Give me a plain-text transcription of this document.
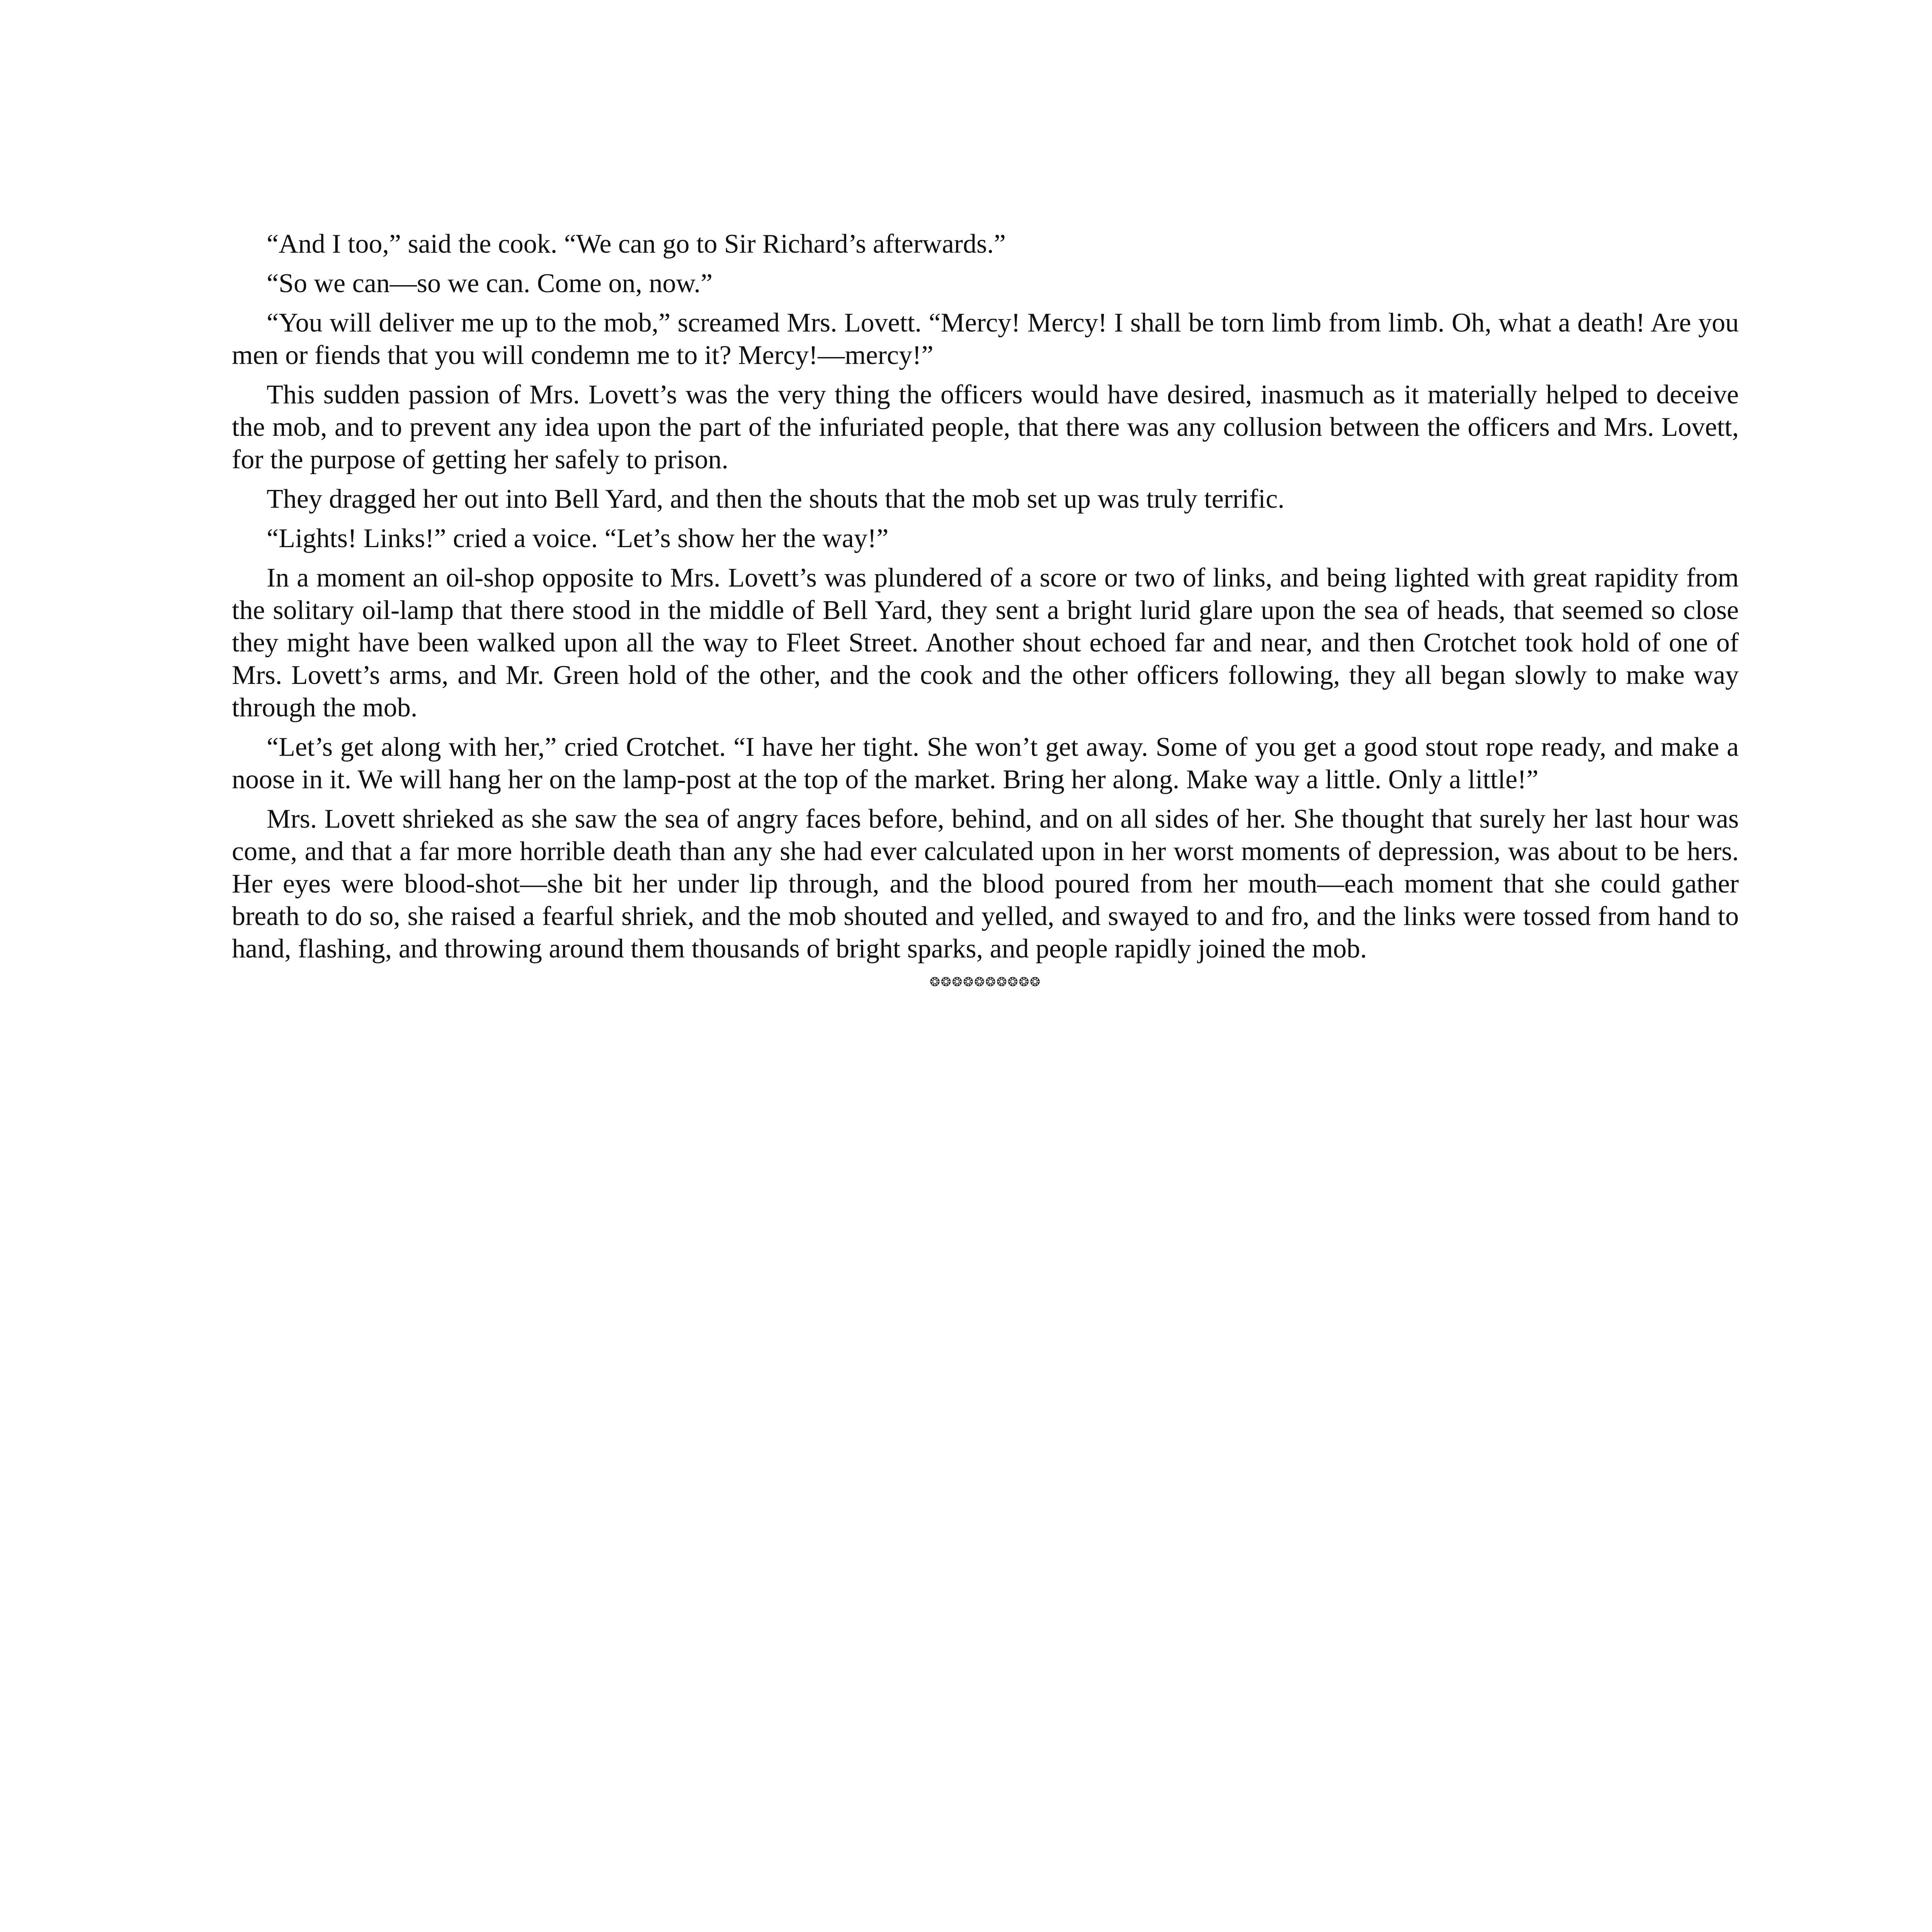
“And I too,” said the cook. “We can go to Sir Richard’s afterwards.”

“So we can—so we can. Come on, now.”

“You will deliver me up to the mob,” screamed Mrs. Lovett. “Mercy! Mercy! I shall be torn limb from limb. Oh, what a death! Are you men or fiends that you will condemn me to it? Mercy!—mercy!”

This sudden passion of Mrs. Lovett’s was the very thing the officers would have desired, inasmuch as it materially helped to deceive the mob, and to prevent any idea upon the part of the infuriated people, that there was any collusion between the officers and Mrs. Lovett, for the purpose of getting her safely to prison.

They dragged her out into Bell Yard, and then the shouts that the mob set up was truly terrific.

“Lights! Links!” cried a voice. “Let’s show her the way!”

In a moment an oil-shop opposite to Mrs. Lovett’s was plundered of a score or two of links, and being lighted with great rapidity from the solitary oil-lamp that there stood in the middle of Bell Yard, they sent a bright lurid glare upon the sea of heads, that seemed so close they might have been walked upon all the way to Fleet Street. Another shout echoed far and near, and then Crotchet took hold of one of Mrs. Lovett’s arms, and Mr. Green hold of the other, and the cook and the other officers following, they all began slowly to make way through the mob.

“Let’s get along with her,” cried Crotchet. “I have her tight. She won’t get away. Some of you get a good stout rope ready, and make a noose in it. We will hang her on the lamp-post at the top of the market. Bring her along. Make way a little. Only a little!”

Mrs. Lovett shrieked as she saw the sea of angry faces before, behind, and on all sides of her. She thought that surely her last hour was come, and that a far more horrible death than any she had ever calculated upon in her worst moments of depression, was about to be hers. Her eyes were blood-shot—she bit her under lip through, and the blood poured from her mouth—each moment that she could gather breath to do so, she raised a fearful shriek, and the mob shouted and yelled, and swayed to and fro, and the links were tossed from hand to hand, flashing, and throwing around them thousands of bright sparks, and people rapidly joined the mob.

❂❂❂❂❂❂❂❂❂❂
